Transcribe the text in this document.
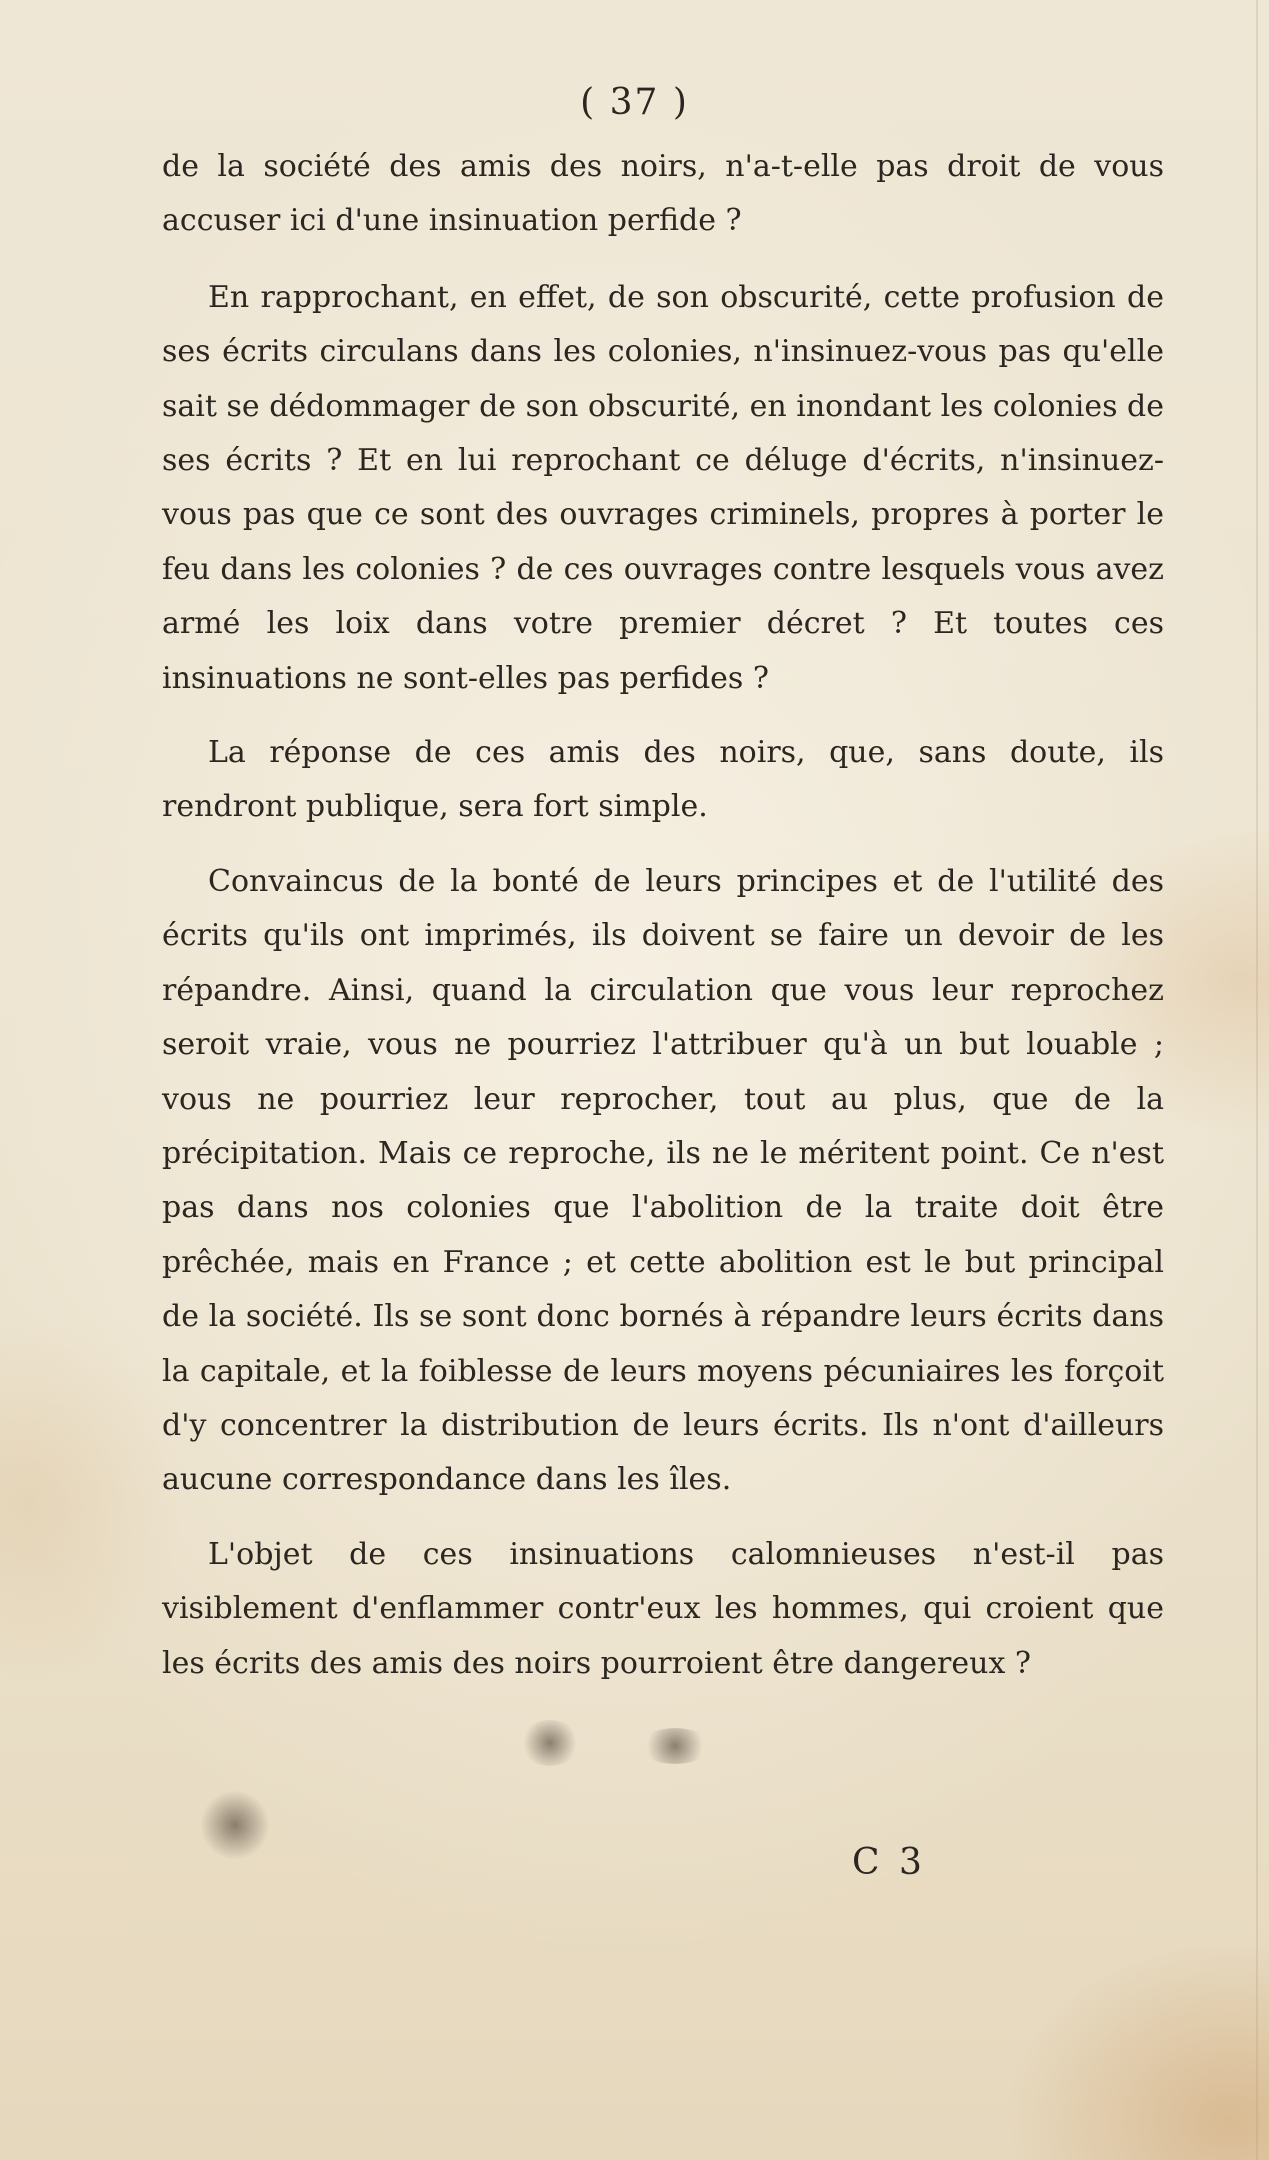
( 37 )

de la société des amis des noirs, n'a-t-elle pas droit de vous accuser ici d'une insinuation perfide ?

En rapprochant, en effet, de son obscurité, cette profusion de ses écrits circulans dans les colonies, n'insinuez-vous pas qu'elle sait se dédommager de son obscurité, en inondant les colonies de ses écrits ? Et en lui reprochant ce déluge d'écrits, n'insinuez-vous pas que ce sont des ouvrages criminels, propres à porter le feu dans les colonies ? de ces ouvrages contre lesquels vous avez armé les loix dans votre premier décret ? Et toutes ces insinuations ne sont-elles pas perfides ?

La réponse de ces amis des noirs, que, sans doute, ils rendront publique, sera fort simple.

Convaincus de la bonté de leurs principes et de l'utilité des écrits qu'ils ont imprimés, ils doivent se faire un devoir de les répandre. Ainsi, quand la circulation que vous leur reprochez seroit vraie, vous ne pourriez l'attribuer qu'à un but louable ; vous ne pourriez leur reprocher, tout au plus, que de la précipitation. Mais ce reproche, ils ne le méritent point. Ce n'est pas dans nos colonies que l'abolition de la traite doit être prêchée, mais en France ; et cette abolition est le but principal de la société. Ils se sont donc bornés à répandre leurs écrits dans la capitale, et la foiblesse de leurs moyens pécuniaires les forçoit d'y concentrer la distribution de leurs écrits. Ils n'ont d'ailleurs aucune correspondance dans les îles.

L'objet de ces insinuations calomnieuses n'est-il pas visiblement d'enflammer contr'eux les hommes, qui croient que les écrits des amis des noirs pourroient être dangereux ?

C 3
